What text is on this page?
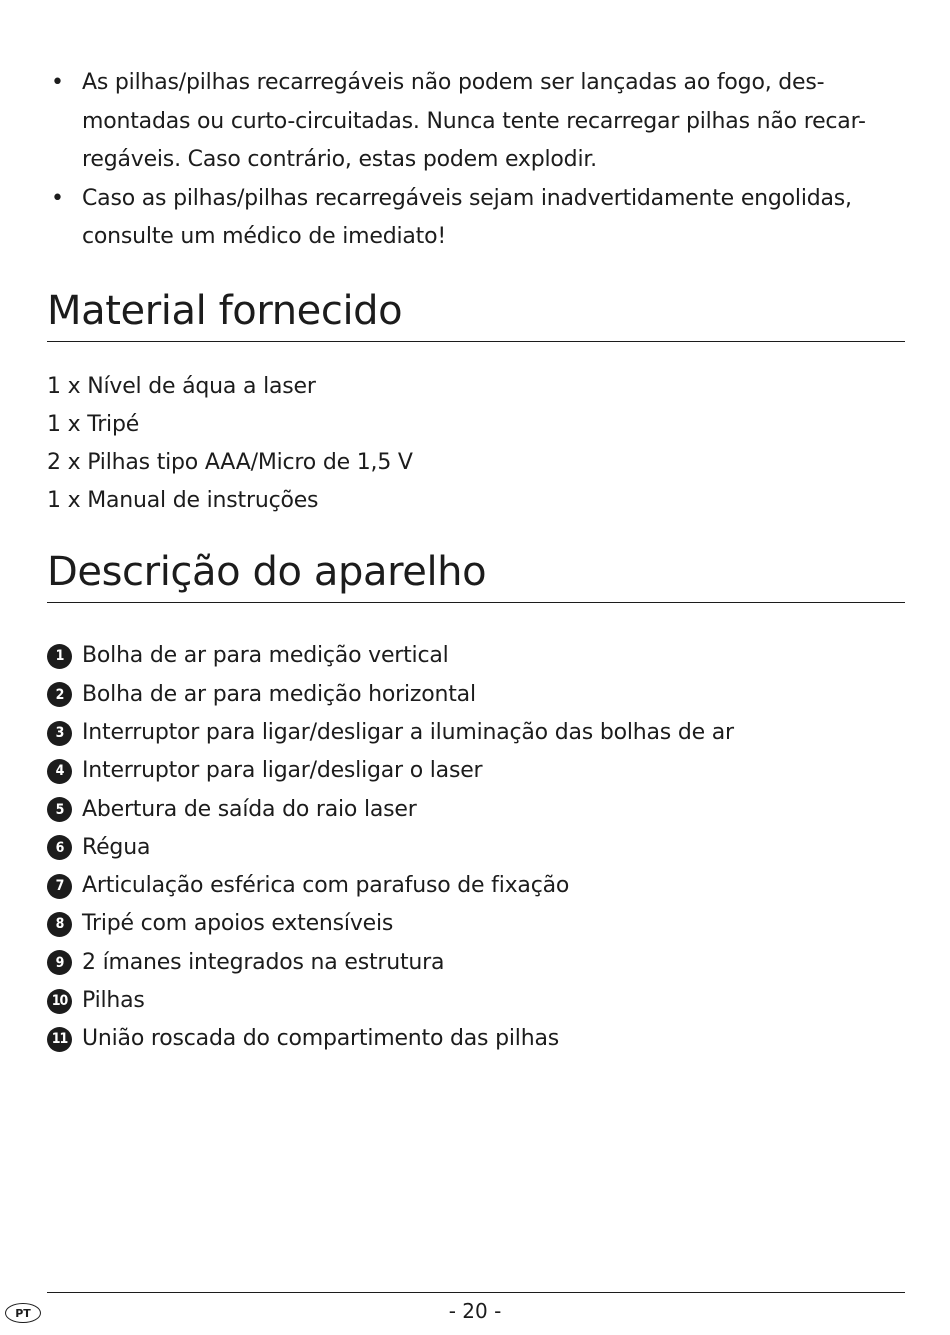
• As pilhas/pilhas recarregáveis não podem ser lançadas ao fogo, des-
montadas ou curto-circuitadas. Nunca tente recarregar pilhas não recar-
regáveis. Caso contrário, estas podem explodir.
• Caso as pilhas/pilhas recarregáveis sejam inadvertidamente engolidas,
consulte um médico de imediato!
Material fornecido
1 x Nível de áqua a laser
1 x Tripé
2 x Pilhas tipo AAA/Micro de 1,5 V
1 x Manual de instruções
Descrição do aparelho
1 Bolha de ar para medição vertical
2 Bolha de ar para medição horizontal
3 Interruptor para ligar/desligar a iluminação das bolhas de ar
4 Interruptor para ligar/desligar o laser
5 Abertura de saída do raio laser
6 Régua
7 Articulação esférica com parafuso de fixação
8 Tripé com apoios extensíveis
9 2 ímanes integrados na estrutura
10 Pilhas
11 União roscada do compartimento das pilhas
PT	- 20 -
